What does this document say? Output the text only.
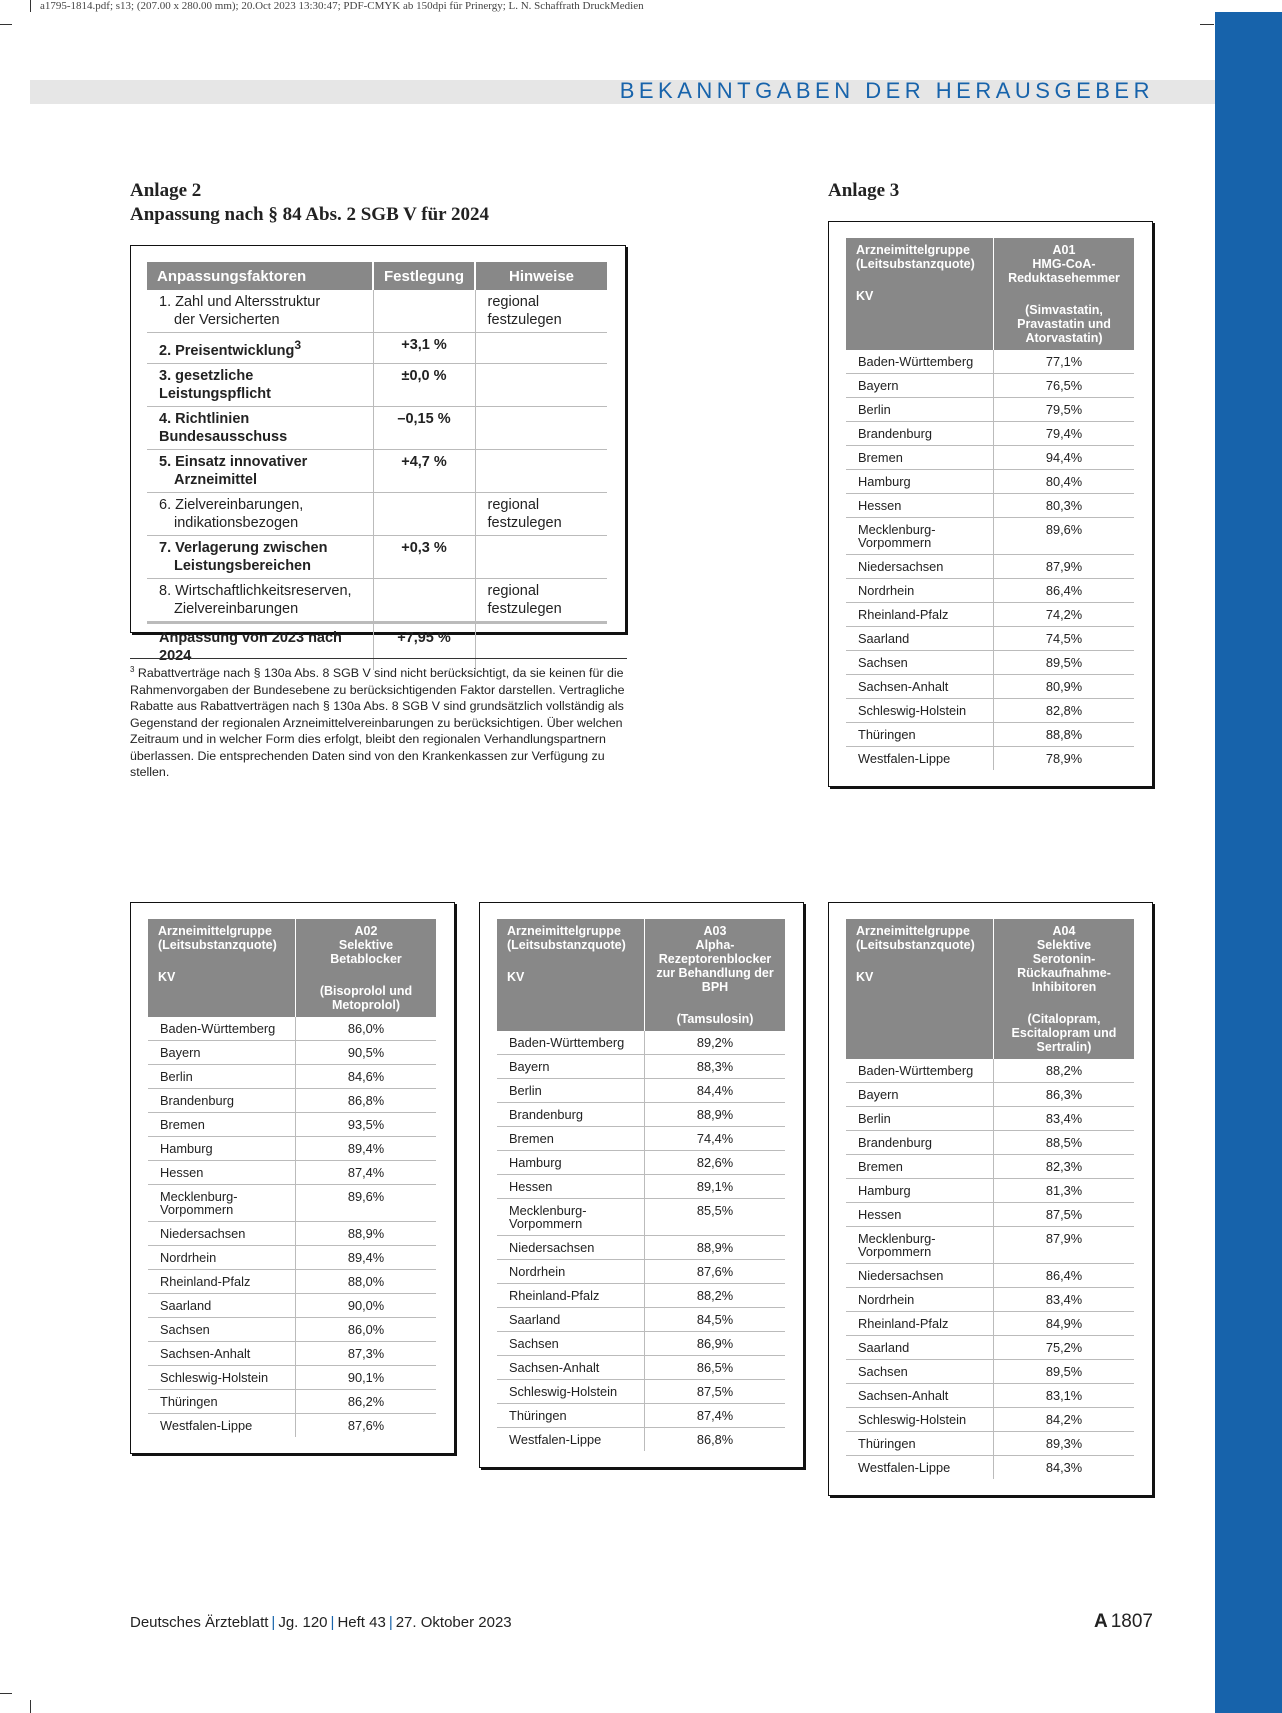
a1795-1814.pdf; s13; (207.00 x 280.00 mm); 20.Oct 2023 13:30:47; PDF-CMYK ab 150dpi für Prinergy; L. N. Schaffrath DruckMedien
BEKANNTGABEN DER HERAUSGEBER
Anlage 2
Anpassung nach § 84 Abs. 2 SGB V für 2024
Anpassungsfaktoren	Festlegung	Hinweise
1. Zahl und Altersstruktur
der Versicherten		regional festzulegen
2. Preisentwicklung$^3$	+3,1 %	
3. gesetzliche Leistungspflicht	±0,0 %	
4. Richtlinien Bundesausschuss	–0,15 %	
5. Einsatz innovativer
Arzneimittel	+4,7 %	
6. Zielvereinbarungen,
indikationsbezogen		regional festzulegen
7. Verlagerung zwischen
Leistungsbereichen	+0,3 %	
8. Wirtschaftlichkeitsreserven,
Zielvereinbarungen		regional festzulegen
Anpassung von 2023 nach 2024	+7,95 %	
$^3$ Rabattverträge nach § 130a Abs. 8 SGB V sind nicht berücksichtigt, da sie keinen für die Rahmenvorgaben der Bundesebene zu berücksichtigenden Faktor darstellen. Vertragliche Rabatte aus Rabattverträgen nach § 130a Abs. 8 SGB V sind grundsätzlich vollständig als Gegenstand der regionalen Arzneimittelvereinbarungen zu berücksichtigen. Über welchen Zeitraum und in welcher Form dies erfolgt, bleibt den regionalen Verhandlungspartnern überlassen. Die entsprechenden Daten sind von den Krankenkassen zur Verfügung zu stellen.
Anlage 3
Arzneimittelgruppe (Leitsubstanzquote)
KV	A01
HMG-CoA-Reduktasehemmer
(Simvastatin, Pravastatin und Atorvastatin)

Baden-Württemberg	77,1%
Bayern	76,5%
Berlin	79,5%
Brandenburg	79,4%
Bremen	94,4%
Hamburg	80,4%
Hessen	80,3%
Mecklenburg-Vorpommern	89,6%
Niedersachsen	87,9%
Nordrhein	86,4%
Rheinland-Pfalz	74,2%
Saarland	74,5%
Sachsen	89,5%
Sachsen-Anhalt	80,9%
Schleswig-Holstein	82,8%
Thüringen	88,8%
Westfalen-Lippe	78,9%
Arzneimittelgruppe (Leitsubstanzquote)
KV	A02
Selektive Betablocker
(Bisoprolol und Metoprolol)

Baden-Württemberg	86,0%
Bayern	90,5%
Berlin	84,6%
Brandenburg	86,8%
Bremen	93,5%
Hamburg	89,4%
Hessen	87,4%
Mecklenburg-Vorpommern	89,6%
Niedersachsen	88,9%
Nordrhein	89,4%
Rheinland-Pfalz	88,0%
Saarland	90,0%
Sachsen	86,0%
Sachsen-Anhalt	87,3%
Schleswig-Holstein	90,1%
Thüringen	86,2%
Westfalen-Lippe	87,6%
Arzneimittelgruppe (Leitsubstanzquote)
KV	A03
Alpha-Rezeptorenblocker zur Behandlung der BPH
(Tamsulosin)

Baden-Württemberg	89,2%
Bayern	88,3%
Berlin	84,4%
Brandenburg	88,9%
Bremen	74,4%
Hamburg	82,6%
Hessen	89,1%
Mecklenburg-Vorpommern	85,5%
Niedersachsen	88,9%
Nordrhein	87,6%
Rheinland-Pfalz	88,2%
Saarland	84,5%
Sachsen	86,9%
Sachsen-Anhalt	86,5%
Schleswig-Holstein	87,5%
Thüringen	87,4%
Westfalen-Lippe	86,8%
Arzneimittelgruppe (Leitsubstanzquote)
KV	A04
Selektive Serotonin-Rückaufnahme-Inhibitoren
(Citalopram, Escitalopram und Sertralin)

Baden-Württemberg	88,2%
Bayern	86,3%
Berlin	83,4%
Brandenburg	88,5%
Bremen	82,3%
Hamburg	81,3%
Hessen	87,5%
Mecklenburg-Vorpommern	87,9%
Niedersachsen	86,4%
Nordrhein	83,4%
Rheinland-Pfalz	84,9%
Saarland	75,2%
Sachsen	89,5%
Sachsen-Anhalt	83,1%
Schleswig-Holstein	84,2%
Thüringen	89,3%
Westfalen-Lippe	84,3%
Deutsches Ärzteblatt | Jg. 120 | Heft 43 | 27. Oktober 2023	A 1807
